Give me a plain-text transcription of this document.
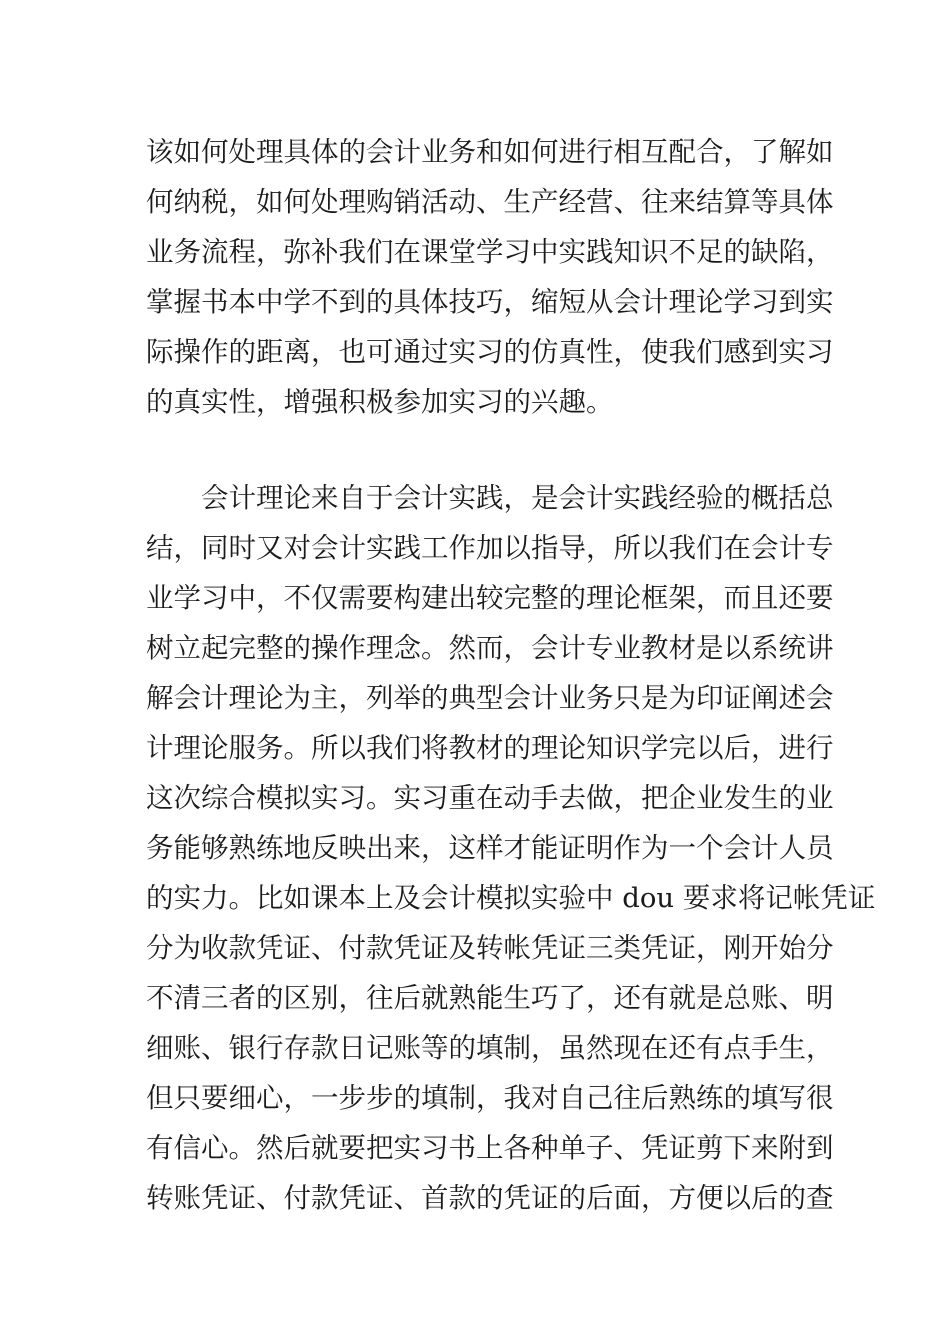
该如何处理具体的会计业务和如何进行相互配合，了解如
何纳税，如何处理购销活动、生产经营、往来结算等具体
业务流程，弥补我们在课堂学习中实践知识不足的缺陷，
掌握书本中学不到的具体技巧，缩短从会计理论学习到实
际操作的距离，也可通过实习的仿真性，使我们感到实习
的真实性，增强积极参加实习的兴趣。
　　会计理论来自于会计实践，是会计实践经验的概括总
结，同时又对会计实践工作加以指导，所以我们在会计专
业学习中，不仅需要构建出较完整的理论框架，而且还要
树立起完整的操作理念。然而，会计专业教材是以系统讲
解会计理论为主，列举的典型会计业务只是为印证阐述会
计理论服务。所以我们将教材的理论知识学完以后，进行
这次综合模拟实习。实习重在动手去做，把企业发生的业
务能够熟练地反映出来，这样才能证明作为一个会计人员
的实力。比如课本上及会计模拟实验中 dou 要求将记帐凭证
分为收款凭证、付款凭证及转帐凭证三类凭证，刚开始分
不清三者的区别，往后就熟能生巧了，还有就是总账、明
细账、银行存款日记账等的填制，虽然现在还有点手生，
但只要细心，一步步的填制，我对自己往后熟练的填写很
有信心。然后就要把实习书上各种单子、凭证剪下来附到
转账凭证、付款凭证、首款的凭证的后面，方便以后的查
